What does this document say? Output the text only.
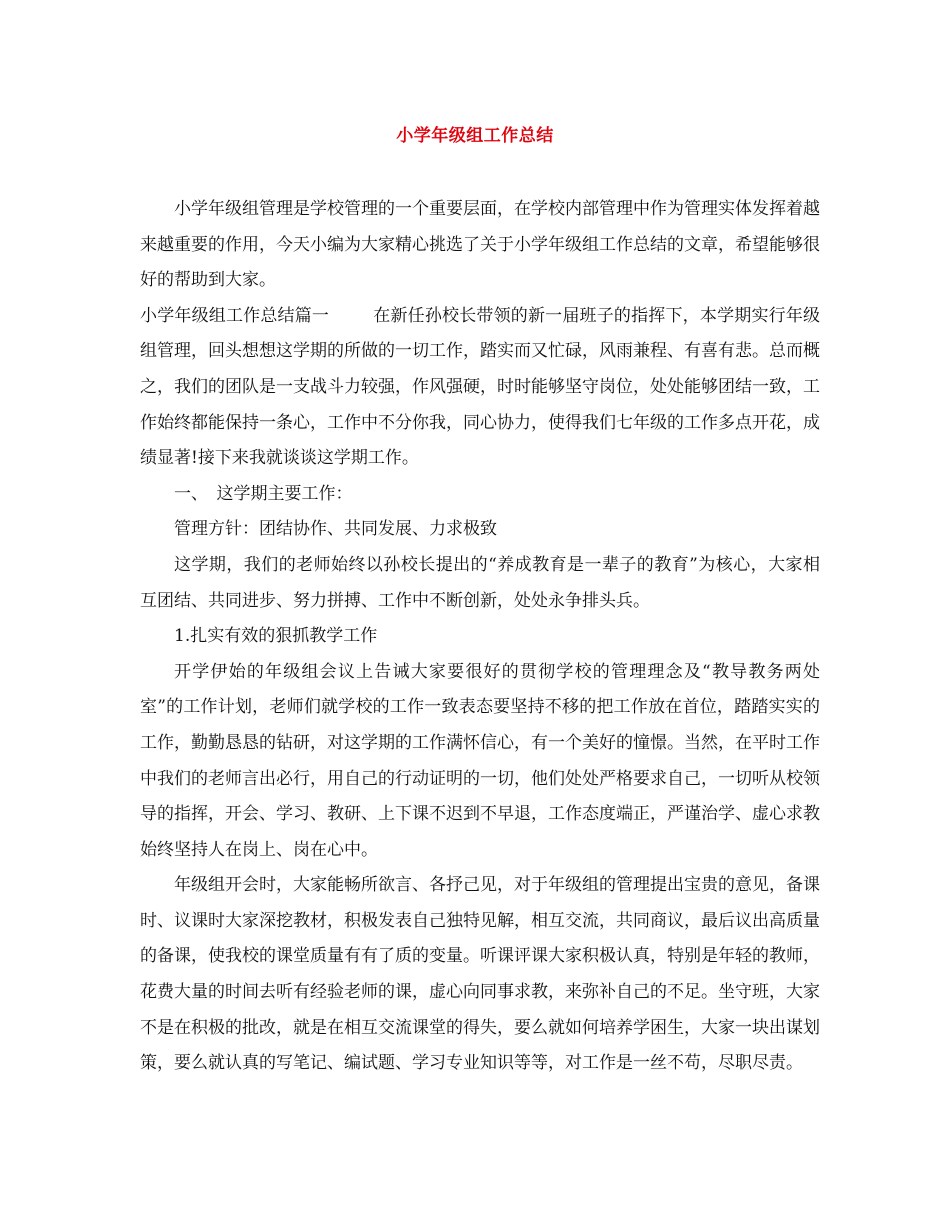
小学年级组工作总结

小学年级组管理是学校管理的一个重要层面，在学校内部管理中作为管理实体发挥着越来越重要的作用，今天小编为大家精心挑选了关于小学年级组工作总结的文章，希望能够很好的帮助到大家。

小学年级组工作总结篇一	在新任孙校长带领的新一届班子的指挥下，本学期实行年级组管理，回头想想这学期的所做的一切工作，踏实而又忙碌，风雨兼程、有喜有悲。总而概之，我们的团队是一支战斗力较强，作风强硬，时时能够坚守岗位，处处能够团结一致，工作始终都能保持一条心，工作中不分你我，同心协力，使得我们七年级的工作多点开花，成绩显著!接下来我就谈谈这学期工作。

一、　这学期主要工作：

管理方针：团结协作、共同发展、力求极致

这学期，我们的老师始终以孙校长提出的“养成教育是一辈子的教育”为核心，大家相互团结、共同进步、努力拼搏、工作中不断创新，处处永争排头兵。

1.扎实有效的狠抓教学工作

开学伊始的年级组会议上告诫大家要很好的贯彻学校的管理理念及“教导教务两处室”的工作计划，老师们就学校的工作一致表态要坚持不移的把工作放在首位，踏踏实实的工作，勤勤恳恳的钻研，对这学期的工作满怀信心，有一个美好的憧憬。当然，在平时工作中我们的老师言出必行，用自己的行动证明的一切，他们处处严格要求自己，一切听从校领导的指挥，开会、学习、教研、上下课不迟到不早退，工作态度端正，严谨治学、虚心求教始终坚持人在岗上、岗在心中。

年级组开会时，大家能畅所欲言、各抒己见，对于年级组的管理提出宝贵的意见，备课时、议课时大家深挖教材，积极发表自己独特见解，相互交流，共同商议，最后议出高质量的备课，使我校的课堂质量有有了质的变量。听课评课大家积极认真，特别是年轻的教师，花费大量的时间去听有经验老师的课，虚心向同事求教，来弥补自己的不足。坐守班，大家不是在积极的批改，就是在相互交流课堂的得失，要么就如何培养学困生，大家一块出谋划策，要么就认真的写笔记、编试题、学习专业知识等等，对工作是一丝不苟，尽职尽责。
